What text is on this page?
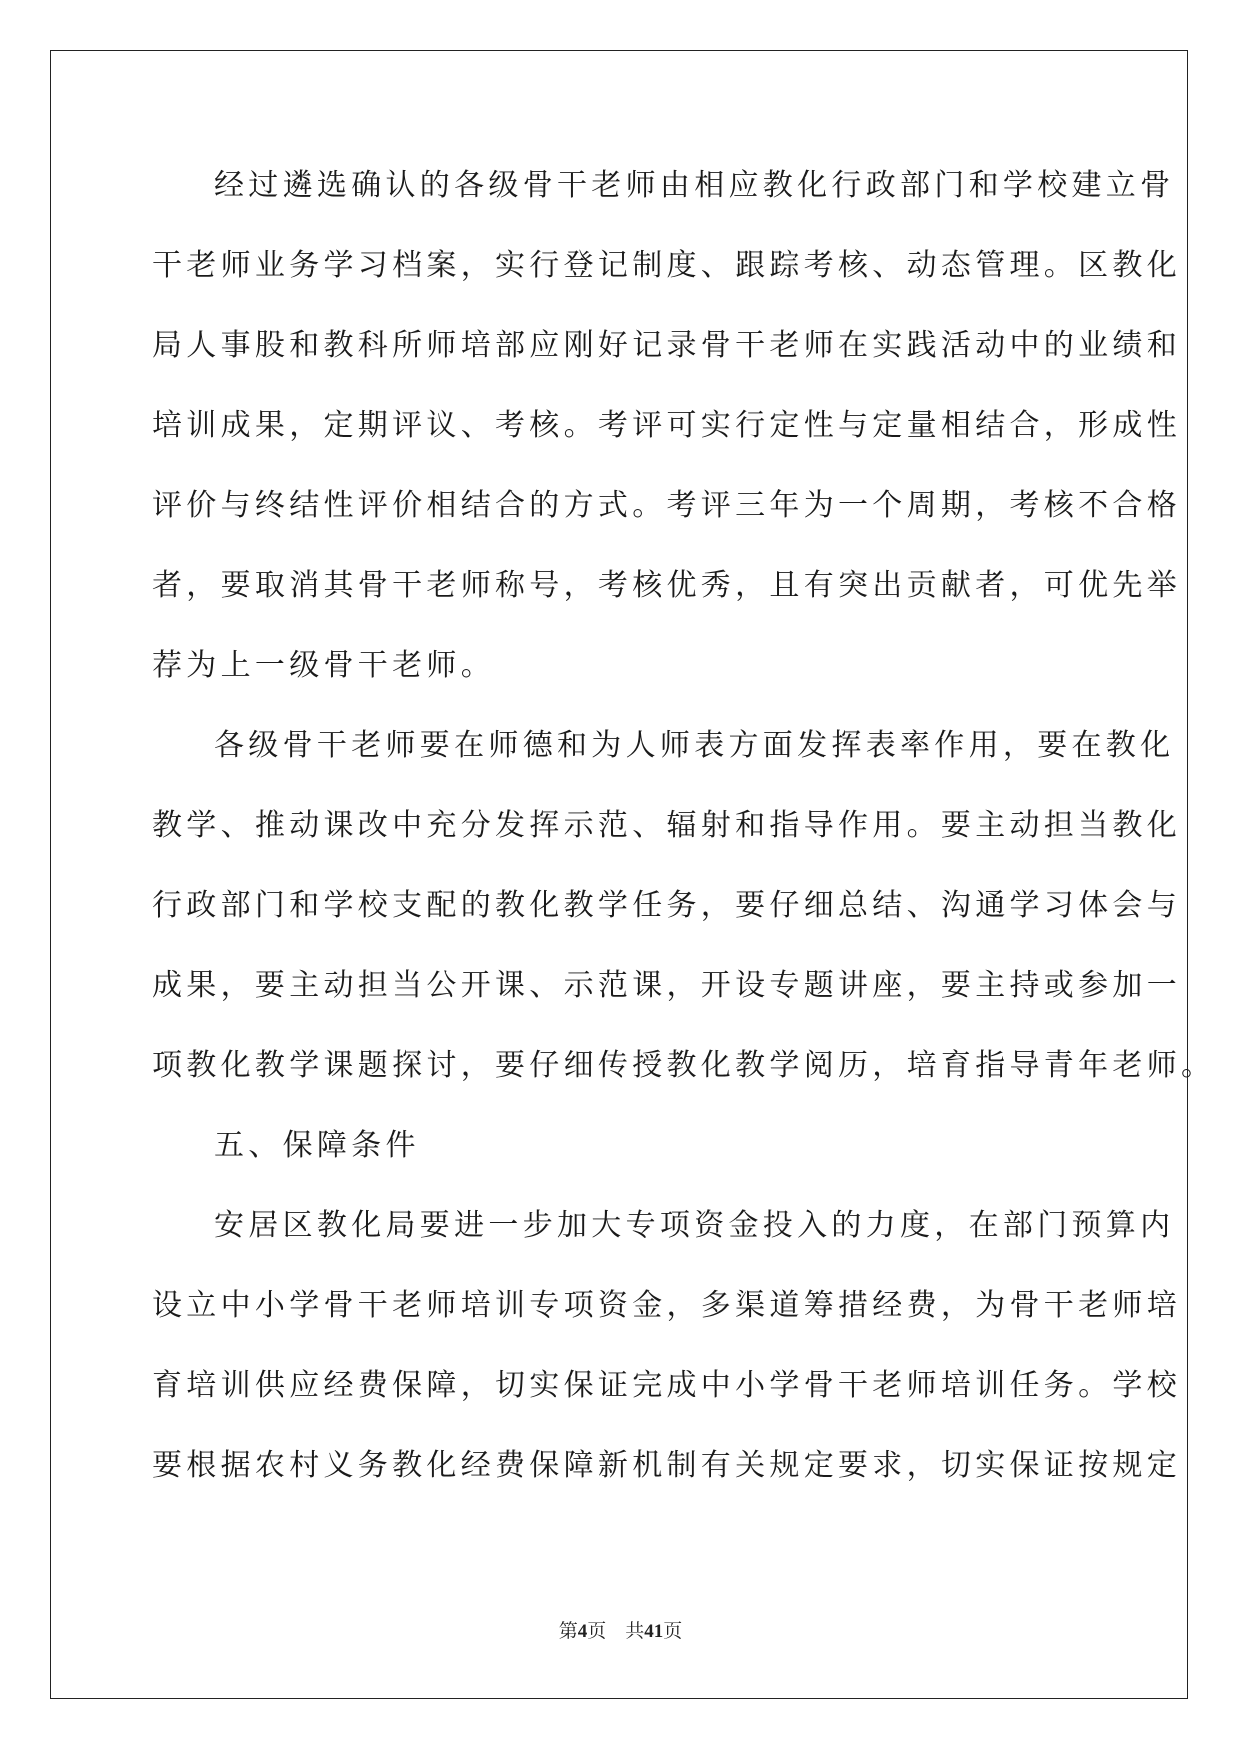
经过遴选确认的各级骨干老师由相应教化行政部门和学校建立骨
干老师业务学习档案，实行登记制度、跟踪考核、动态管理。区教化
局人事股和教科所师培部应刚好记录骨干老师在实践活动中的业绩和
培训成果，定期评议、考核。考评可实行定性与定量相结合，形成性
评价与终结性评价相结合的方式。考评三年为一个周期，考核不合格
者，要取消其骨干老师称号，考核优秀，且有突出贡献者，可优先举
荐为上一级骨干老师。
各级骨干老师要在师德和为人师表方面发挥表率作用，要在教化
教学、推动课改中充分发挥示范、辐射和指导作用。要主动担当教化
行政部门和学校支配的教化教学任务，要仔细总结、沟通学习体会与
成果，要主动担当公开课、示范课，开设专题讲座，要主持或参加一
项教化教学课题探讨，要仔细传授教化教学阅历，培育指导青年老师。
五、保障条件
安居区教化局要进一步加大专项资金投入的力度，在部门预算内
设立中小学骨干老师培训专项资金，多渠道筹措经费，为骨干老师培
育培训供应经费保障，切实保证完成中小学骨干老师培训任务。学校
要根据农村义务教化经费保障新机制有关规定要求，切实保证按规定
第4页 共41页
